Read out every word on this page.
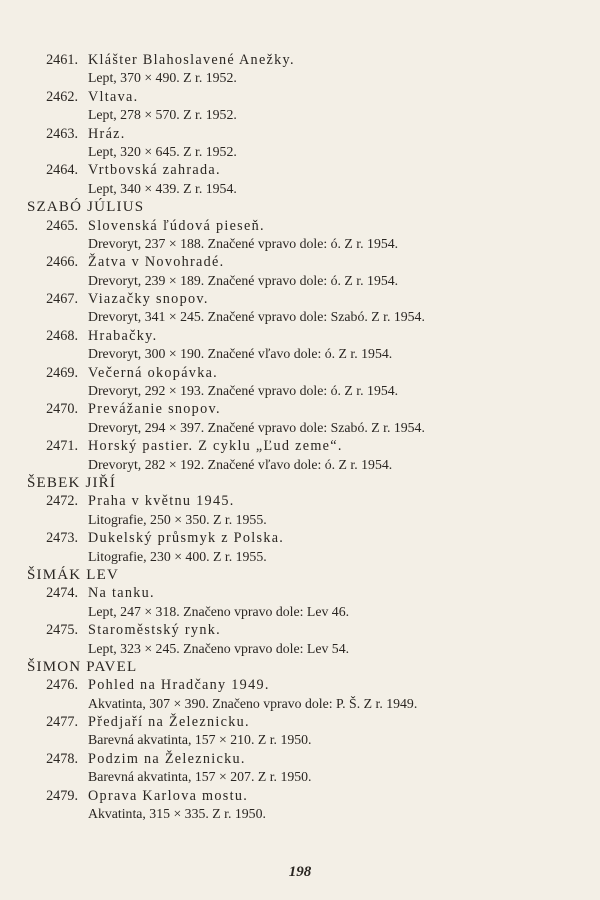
2461. Klášter Blahoslavené Anežky.
Lept, 370 × 490. Z r. 1952.
2462. Vltava.
Lept, 278 × 570. Z r. 1952.
2463. Hráz.
Lept, 320 × 645. Z r. 1952.
2464. Vrtbovská zahrada.
Lept, 340 × 439. Z r. 1954.
SZABÓ JÚLIUS
2465. Slovenská ľúdová pieseň.
Drevoryt, 237 × 188. Značené vpravo dole: ó. Z r. 1954.
2466. Žatva v Novohradé.
Drevoryt, 239 × 189. Značené vpravo dole: ó. Z r. 1954.
2467. Viazačky snopov.
Drevoryt, 341 × 245. Značené vpravo dole: Szabó. Z r. 1954.
2468. Hrabačky.
Drevoryt, 300 × 190. Značené vľavo dole: ó. Z r. 1954.
2469. Večerná okopávka.
Drevoryt, 292 × 193. Značené vpravo dole: ó. Z r. 1954.
2470. Prevážanie snopov.
Drevoryt, 294 × 397. Značené vpravo dole: Szabó. Z r. 1954.
2471. Horský pastier. Z cyklu „Ľud zeme“.
Drevoryt, 282 × 192. Značené vľavo dole: ó. Z r. 1954.
ŠEBEK JIŘÍ
2472. Praha v květnu 1945.
Litografie, 250 × 350. Z r. 1955.
2473. Dukelský průsmyk z Polska.
Litografie, 230 × 400. Z r. 1955.
ŠIMÁK LEV
2474. Na tanku.
Lept, 247 × 318. Značeno vpravo dole: Lev 46.
2475. Staroměstský rynk.
Lept, 323 × 245. Značeno vpravo dole: Lev 54.
ŠIMON PAVEL
2476. Pohled na Hradčany 1949.
Akvatinta, 307 × 390. Značeno vpravo dole: P. Š. Z r. 1949.
2477. Předjaří na Železnicku.
Barevná akvatinta, 157 × 210. Z r. 1950.
2478. Podzim na Železnicku.
Barevná akvatinta, 157 × 207. Z r. 1950.
2479. Oprava Karlova mostu.
Akvatinta, 315 × 335. Z r. 1950.
198
